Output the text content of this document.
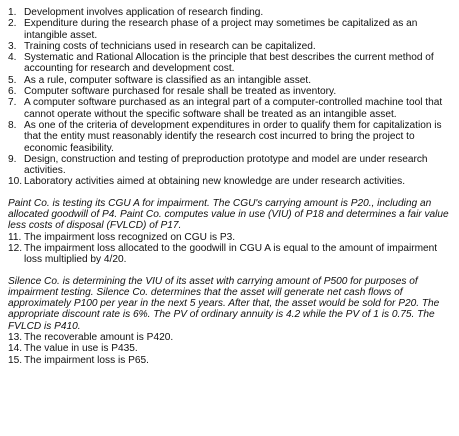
1. Development involves application of research finding.
2. Expenditure during the research phase of a project may sometimes be capitalized as an intangible asset.
3. Training costs of technicians used in research can be capitalized.
4. Systematic and Rational Allocation is the principle that best describes the current method of accounting for research and development cost.
5. As a rule, computer software is classified as an intangible asset.
6. Computer software purchased for resale shall be treated as inventory.
7. A computer software purchased as an integral part of a computer-controlled machine tool that cannot operate without the specific software shall be treated as an intangible asset.
8. As one of the criteria of development expenditures in order to qualify them for capitalization is that the entity must reasonably identify the research cost incurred to bring the project to economic feasibility.
9. Design, construction and testing of preproduction prototype and model are under research activities.
10. Laboratory activities aimed at obtaining new knowledge are under research activities.

Paint Co. is testing its CGU A for impairment. The CGU's carrying amount is P20., including an allocated goodwill of P4. Paint Co. computes value in use (VIU) of P18 and determines a fair value less costs of disposal (FVLCD) of P17.

11. The impairment loss recognized on CGU is P3.
12. The impairment loss allocated to the goodwill in CGU A is equal to the amount of impairment loss multiplied by 4/20.

Silence Co. is determining the VIU of its asset with carrying amount of P500 for purposes of impairment testing. Silence Co. determines that the asset will generate net cash flows of approximately P100 per year in the next 5 years. After that, the asset would be sold for P20. The appropriate discount rate is 6%. The PV of ordinary annuity is 4.2 while the PV of 1 is 0.75. The FVLCD is P410.

13. The recoverable amount is P420.
14. The value in use is P435.
15. The impairment loss is P65.
